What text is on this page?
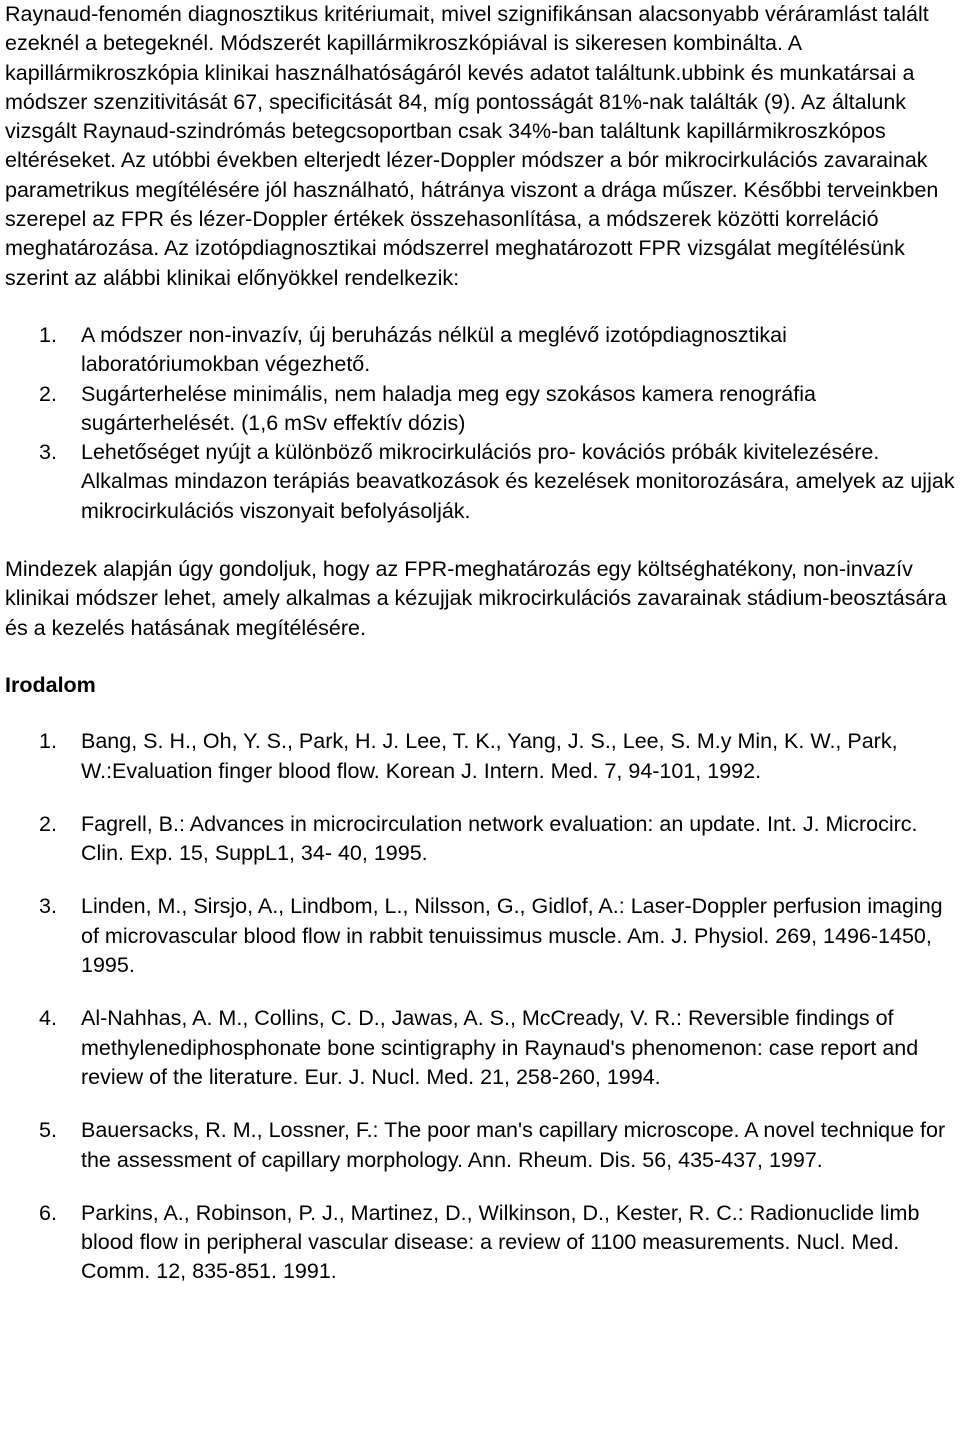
Raynaud-fenomén diagnosztikus kritériumait, mivel szignifikánsan alacsonyabb véráramlást talált ezeknél a betegeknél. Módszerét kapillármikroszkópiával is sikeresen kombinálta. A kapillármikroszkópia klinikai használhatóságáról kevés adatot találtunk.ubbink és munkatársai a módszer szenzitivitását 67, specificitását 84, míg pontosságát 81%-nak találták (9). Az általunk vizsgált Raynaud-szindrómás betegcsoportban csak 34%-ban találtunk kapillármikroszkópos eltéréseket. Az utóbbi években elterjedt lézer-Doppler módszer a bór mikrocirkulációs zavarainak parametrikus megítélésére jól használható, hátránya viszont a drága műszer. Későbbi terveinkben szerepel az FPR és lézer-Doppler értékek összehasonlítása, a módszerek közötti korreláció meghatározása. Az izotópdiagnosztikai módszerrel meghatározott FPR vizsgálat megítélésünk szerint az alábbi klinikai előnyökkel rendelkezik:

1. A módszer non-invazív, új beruházás nélkül a meglévő izotópdiagnosztikai laboratóriumokban végezhető.
2. Sugárterhelése minimális, nem haladja meg egy szokásos kamera renográfia sugárterhelését. (1,6 mSv effektív dózis)
3. Lehetőséget nyújt a különböző mikrocirkulációs pro- kovációs próbák kivitelezésére. Alkalmas mindazon terápiás beavatkozások és kezelések monitorozására, amelyek az ujjak mikrocirkulációs viszonyait befolyásolják.

Mindezek alapján úgy gondoljuk, hogy az FPR-meghatározás egy költséghatékony, non-invazív klinikai módszer lehet, amely alkalmas a kézujjak mikrocirkulációs zavarainak stádium-beosztására és a kezelés hatásának megítélésére.

Irodalom

1. Bang, S. H., Oh, Y. S., Park, H. J. Lee, T. K., Yang, J. S., Lee, S. M.y Min, K. W., Park, W.:Evaluation finger blood flow. Korean J. Intern. Med. 7, 94-101, 1992.
2. Fagrell, B.: Advances in microcirculation network evaluation: an update. Int. J. Microcirc. Clin. Exp. 15, SuppL1, 34- 40, 1995.
3. Linden, M., Sirsjo, A., Lindbom, L., Nilsson, G., Gidlof, A.: Laser-Doppler perfusion imaging of microvascular blood flow in rabbit tenuissimus muscle. Am. J. Physiol. 269, 1496-1450, 1995.
4. Al-Nahhas, A. M., Collins, C. D., Jawas, A. S., McCready, V. R.: Reversible findings of methylenediphosphonate bone scintigraphy in Raynaud's phenomenon: case report and review of the literature. Eur. J. Nucl. Med. 21, 258-260, 1994.
5. Bauersacks, R. M., Lossner, F.: The poor man's capillary microscope. A novel technique for the assessment of capillary morphology. Ann. Rheum. Dis. 56, 435-437, 1997.
6. Parkins, A., Robinson, P. J., Martinez, D., Wilkinson, D., Kester, R. C.: Radionuclide limb blood flow in peripheral vascular disease: a review of 1100 measurements. Nucl. Med. Comm. 12, 835-851. 1991.
